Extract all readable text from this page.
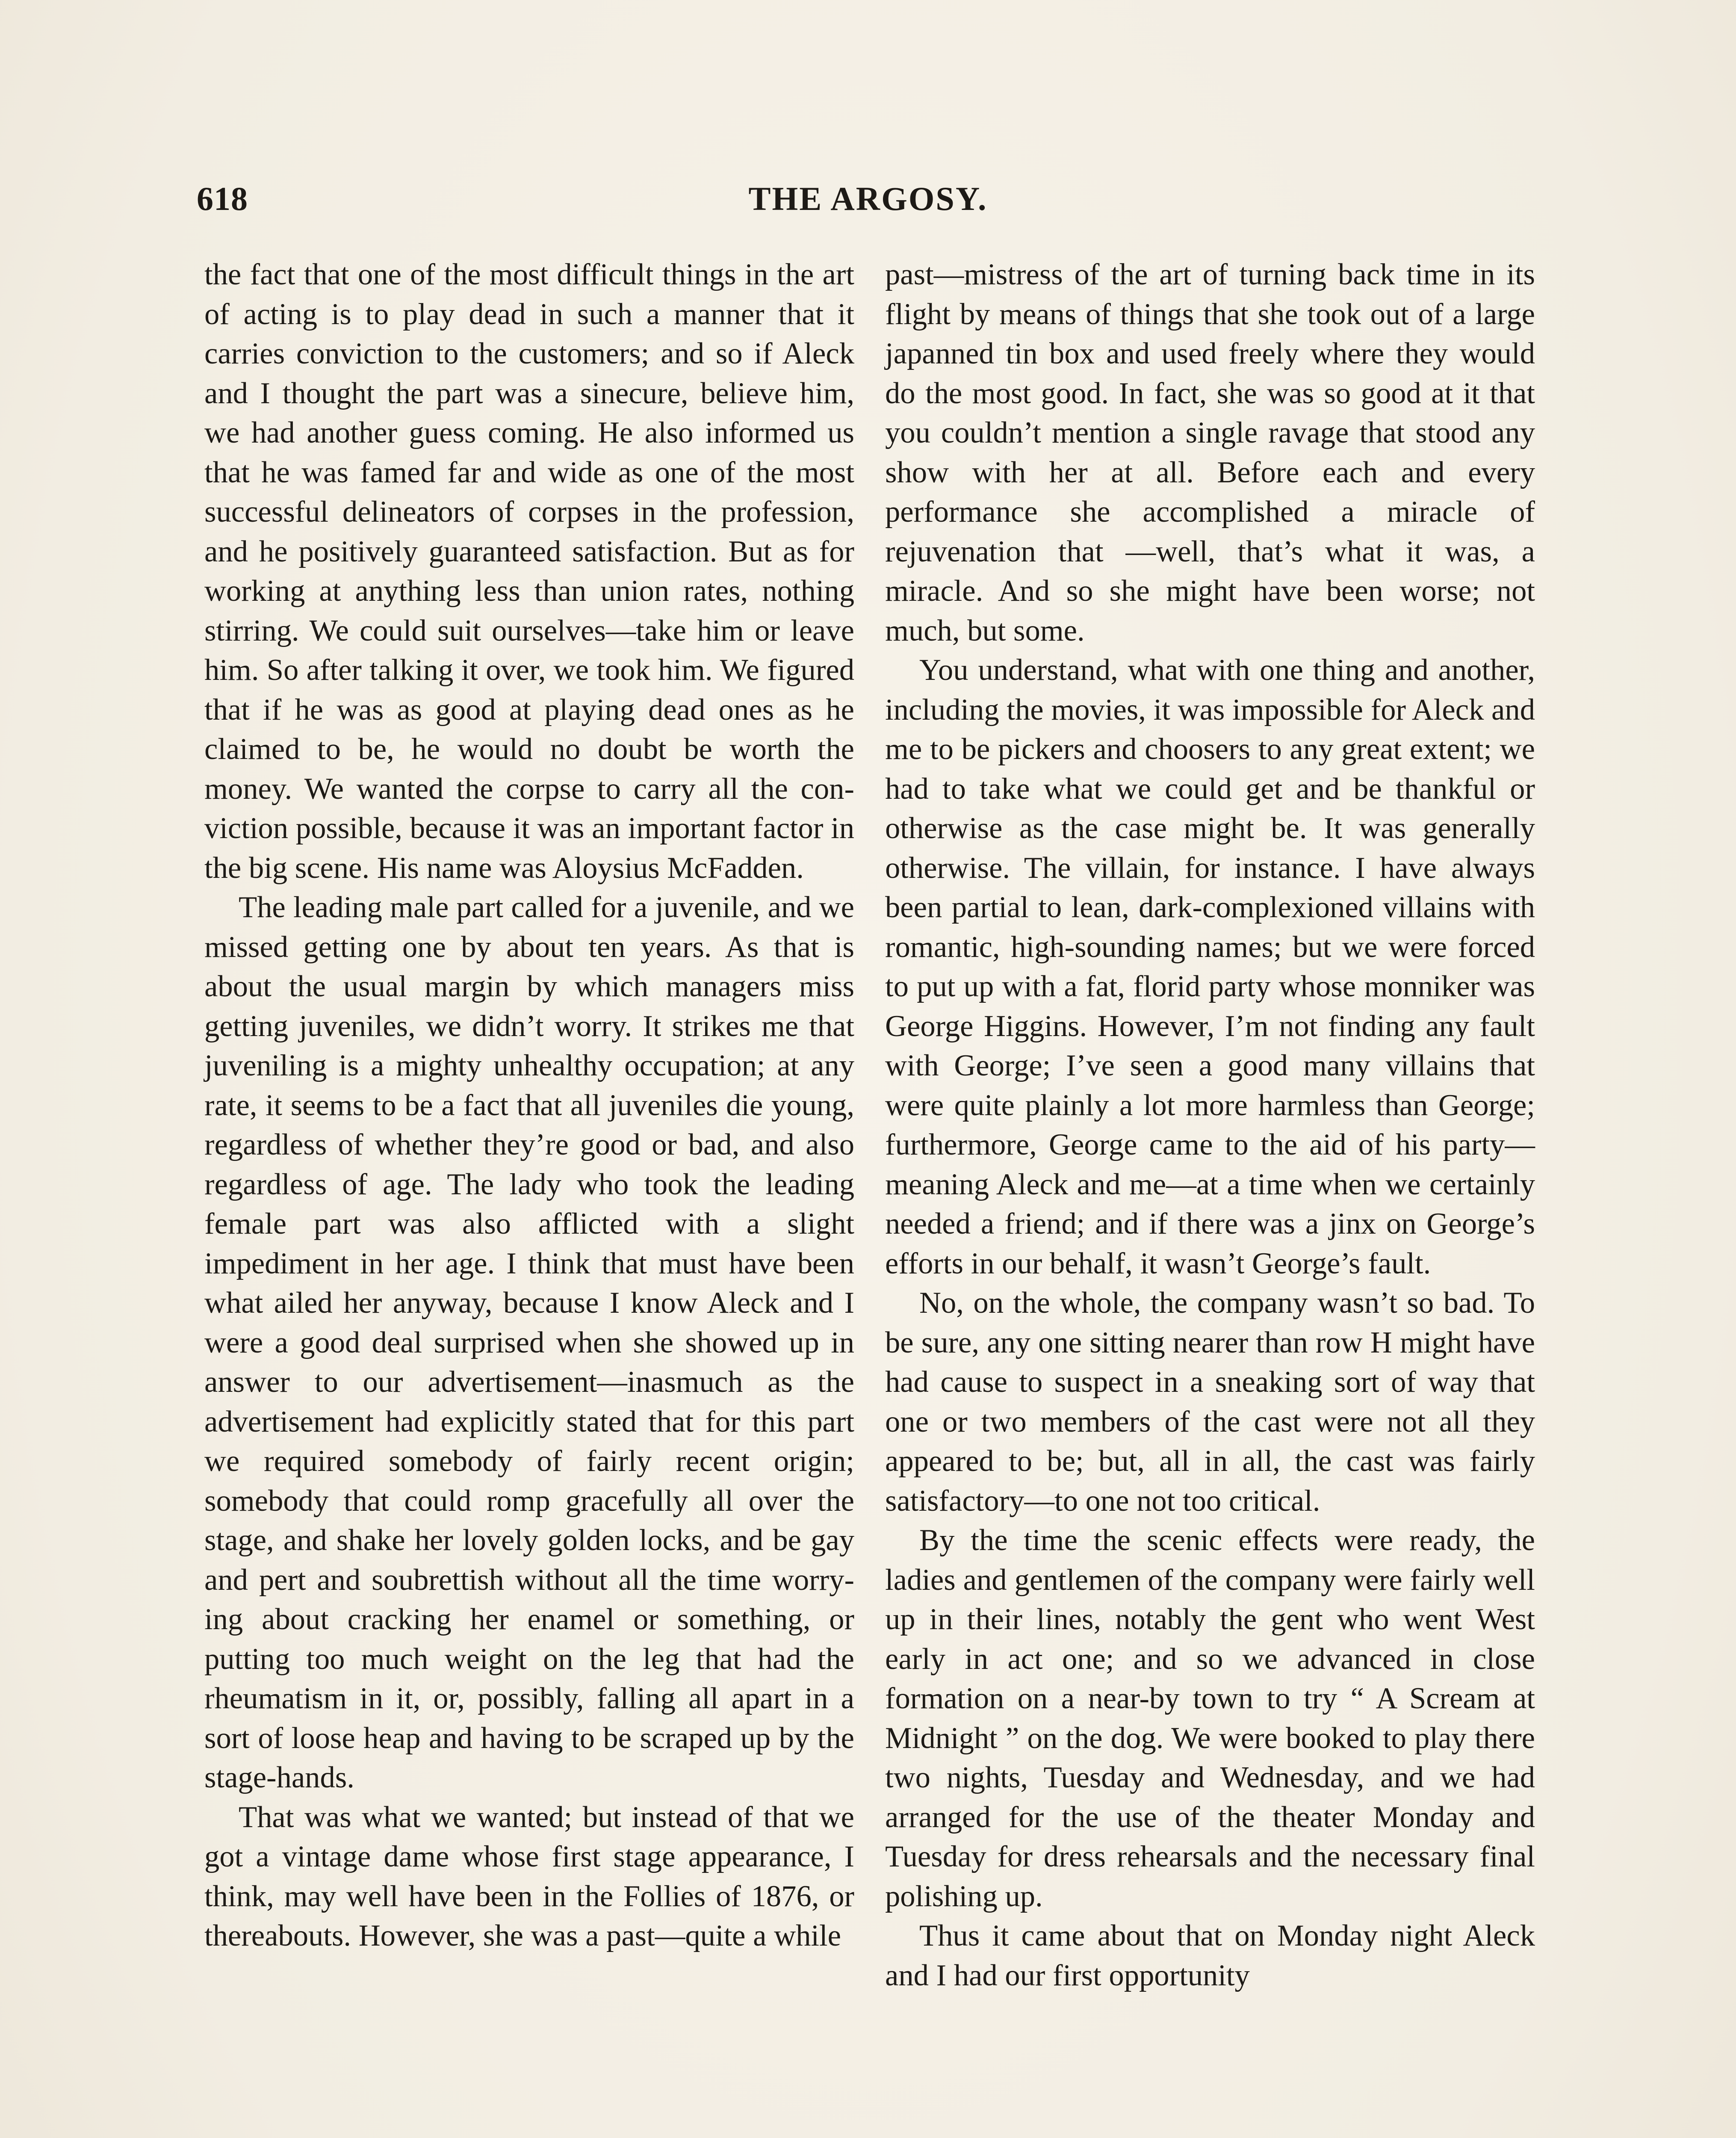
618	THE ARGOSY.

the fact that one of the most difficult things in the art of acting is to play dead in such a manner that it carries conviction to the customers; and so if Aleck and I thought the part was a sinecure, believe him, we had another guess coming. He also informed us that he was famed far and wide as one of the most successful delineators of corpses in the profession, and he positively guaranteed satisfaction. But as for working at anything less than union rates, nothing stirring. We could suit ourselves—take him or leave him. So after talking it over, we took him. We figured that if he was as good at playing dead ones as he claimed to be, he would no doubt be worth the money. We wanted the corpse to carry all the conviction possible, because it was an important factor in the big scene. His name was Aloysius McFadden.

The leading male part called for a juvenile, and we missed getting one by about ten years. As that is about the usual margin by which managers miss getting juveniles, we didn’t worry. It strikes me that juveniling is a mighty unhealthy occupation; at any rate, it seems to be a fact that all juveniles die young, regardless of whether they’re good or bad, and also regardless of age. The lady who took the leading female part was also afflicted with a slight impediment in her age. I think that must have been what ailed her anyway, because I know Aleck and I were a good deal surprised when she showed up in answer to our advertisement—inasmuch as the advertisement had explicitly stated that for this part we required somebody of fairly recent origin; somebody that could romp gracefully all over the stage, and shake her lovely golden locks, and be gay and pert and soubrettish without all the time worrying about cracking her enamel or something, or putting too much weight on the leg that had the rheumatism in it, or, possibly, falling all apart in a sort of loose heap and having to be scraped up by the stage-hands.

That was what we wanted; but instead of that we got a vintage dame whose first stage appearance, I think, may well have been in the Follies of 1876, or thereabouts. However, she was a past—quite a while

past—mistress of the art of turning back time in its flight by means of things that she took out of a large japanned tin box and used freely where they would do the most good. In fact, she was so good at it that you couldn’t mention a single ravage that stood any show with her at all. Before each and every performance she accomplished a miracle of rejuvenation that —well, that’s what it was, a miracle. And so she might have been worse; not much, but some.

You understand, what with one thing and another, including the movies, it was impossible for Aleck and me to be pickers and choosers to any great extent; we had to take what we could get and be thankful or otherwise as the case might be. It was generally otherwise. The villain, for instance. I have always been partial to lean, dark-complexioned villains with romantic, high-sounding names; but we were forced to put up with a fat, florid party whose monniker was George Higgins. However, I’m not finding any fault with George; I’ve seen a good many villains that were quite plainly a lot more harmless than George; furthermore, George came to the aid of his party—meaning Aleck and me—at a time when we certainly needed a friend; and if there was a jinx on George’s efforts in our behalf, it wasn’t George’s fault.

No, on the whole, the company wasn’t so bad. To be sure, any one sitting nearer than row H might have had cause to suspect in a sneaking sort of way that one or two members of the cast were not all they appeared to be; but, all in all, the cast was fairly satisfactory—to one not too critical.

By the time the scenic effects were ready, the ladies and gentlemen of the company were fairly well up in their lines, notably the gent who went West early in act one; and so we advanced in close formation on a near-by town to try “ A Scream at Midnight ” on the dog. We were booked to play there two nights, Tuesday and Wednesday, and we had arranged for the use of the theater Monday and Tuesday for dress rehearsals and the necessary final polishing up.

Thus it came about that on Monday night Aleck and I had our first opportunity
